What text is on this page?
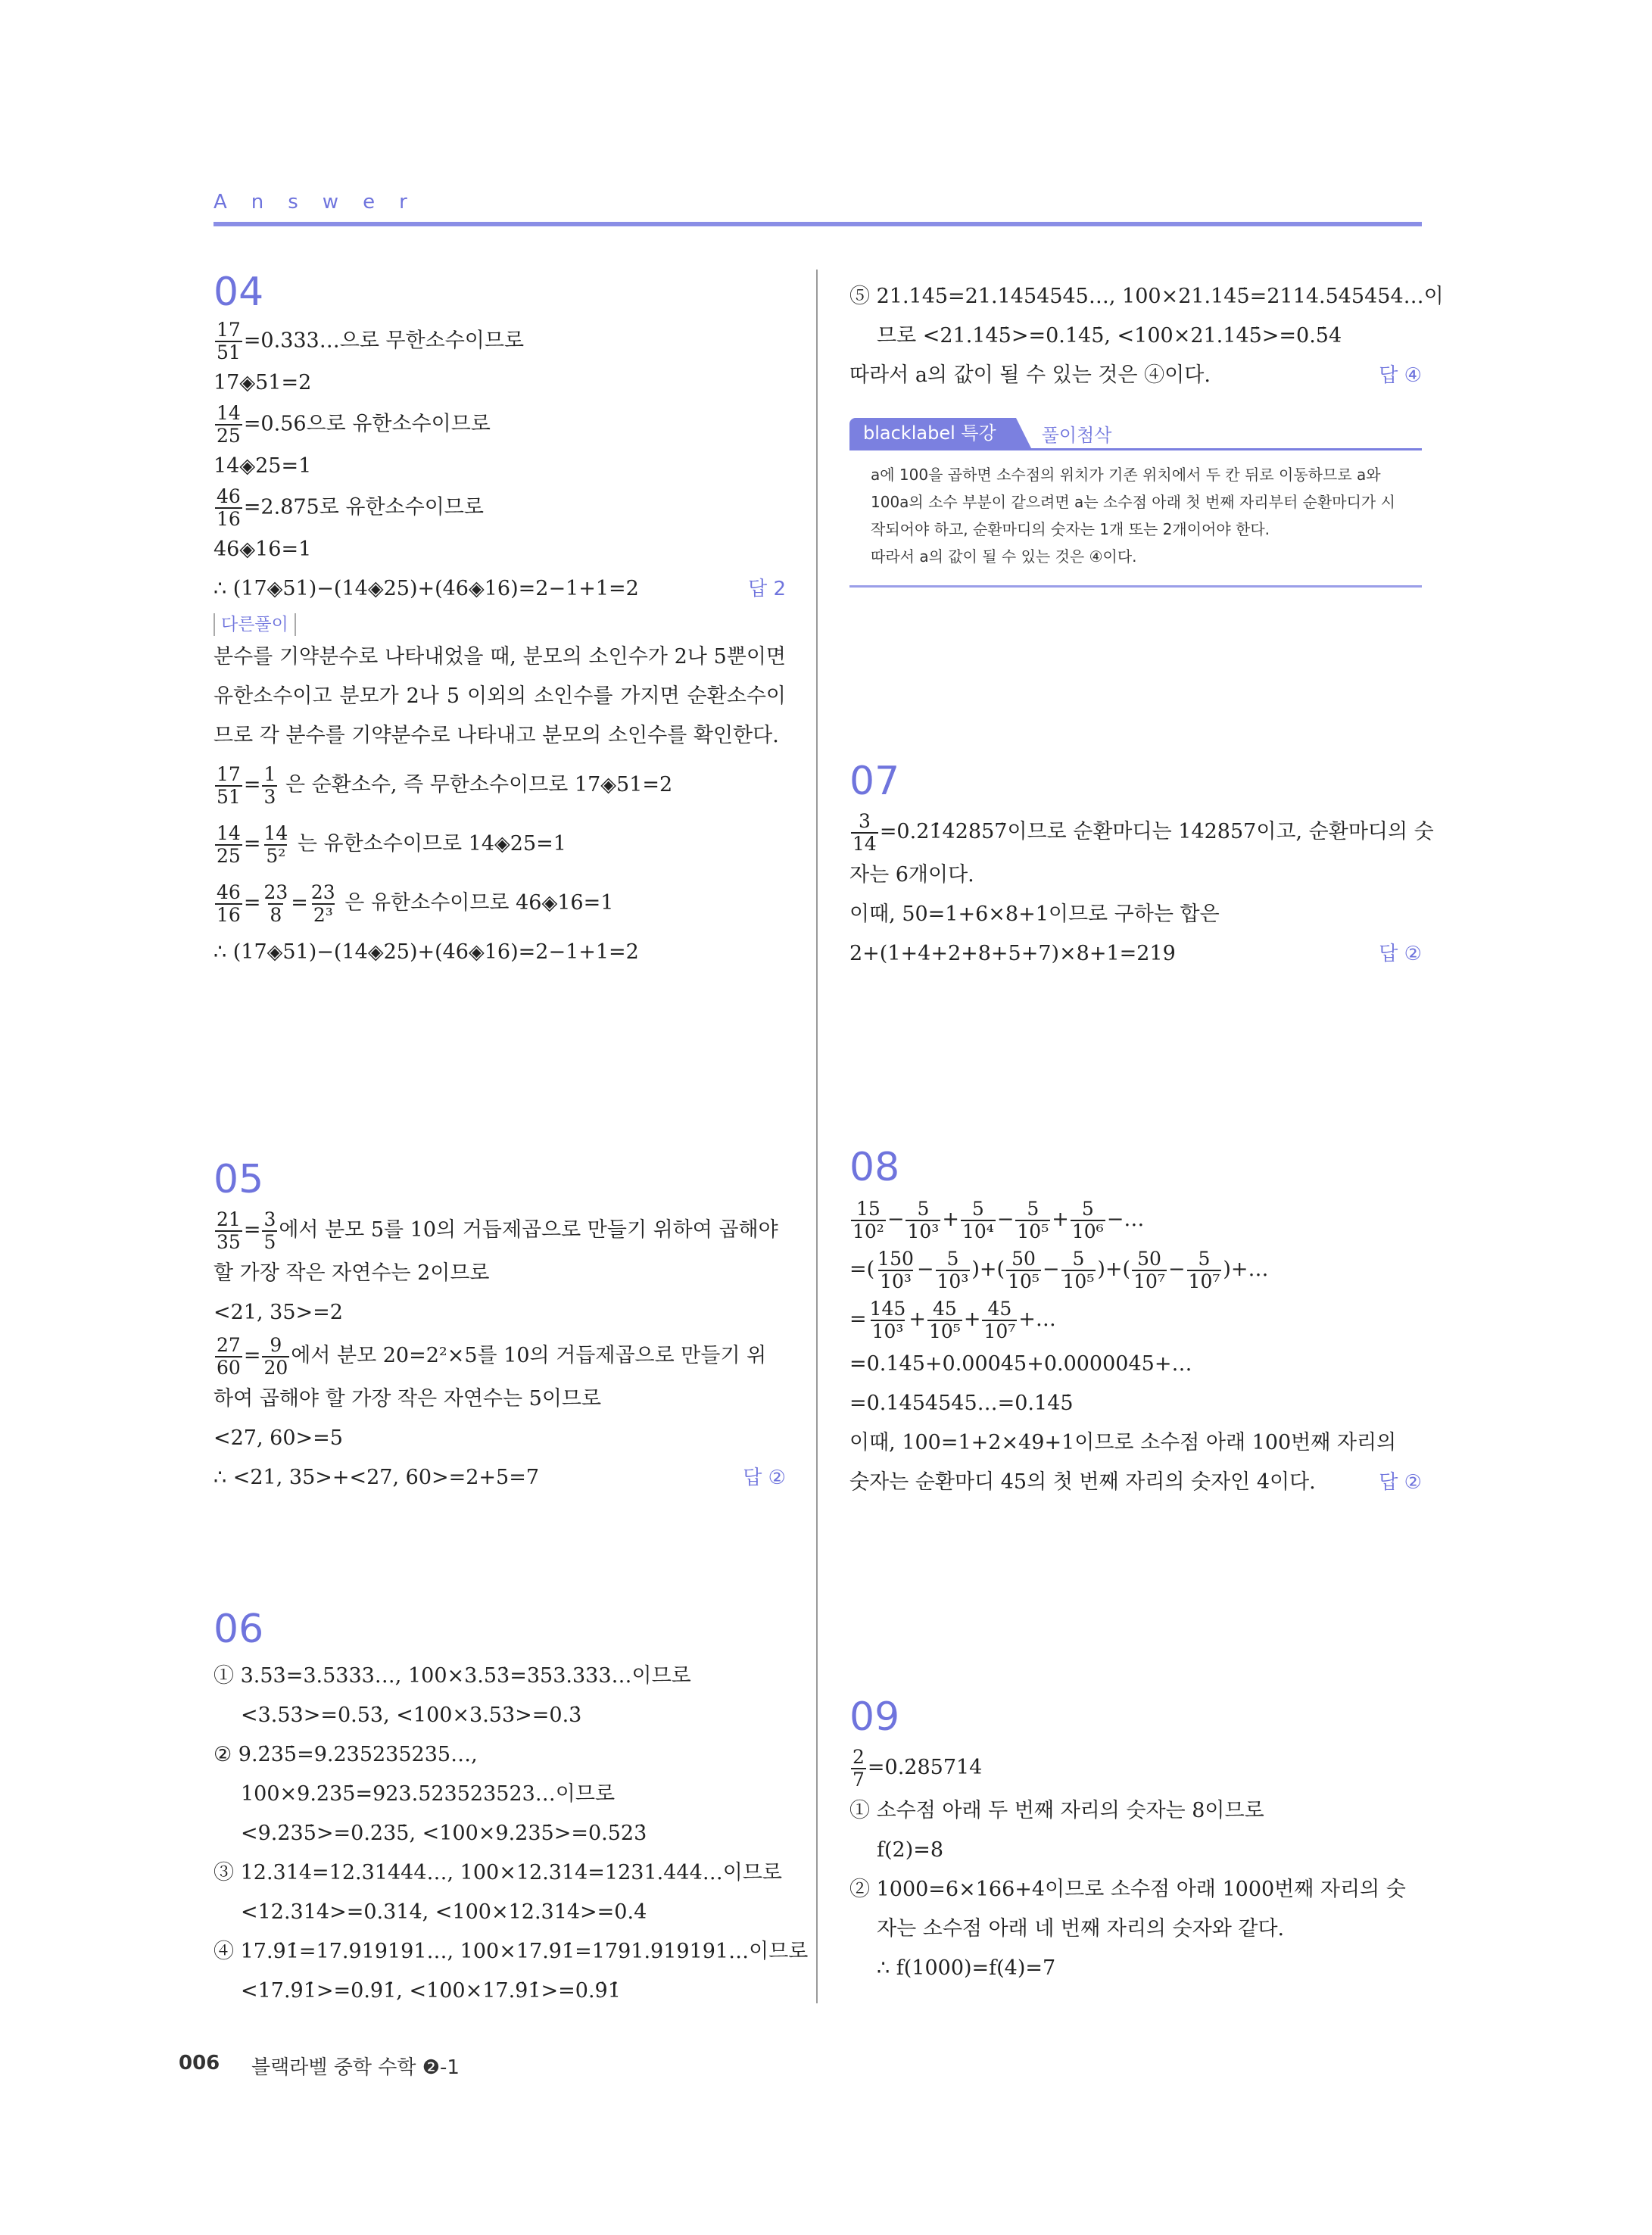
Answer
04
$\frac{17}{51}$ =0.333…으로 무한소수이므로
17◈51=2
$\frac{14}{25} =0.56$으로 유한소수이므로
14◈25=1
$\frac{46}{16} =2.875$로 유한소수이므로
46◈16=1
∴ (17◈51)−(14◈25)+(46◈16)=2−1+1=2	답 2
다른풀이
분수를 기약분수로 나타내었을 때, 분모의 소인수가 2나 5뿐이면 유한소수이고 분모가 2나 5 이외의 소인수를 가지면 순환소수이므로 각 분수를 기약분수로 나타내고 분모의 소인수를 확인한다.
$\frac{17}{51} = \frac{1}{3}$ 은 순환소수, 즉 무한소수이므로 17◈51=2
$\frac{14}{25} = \frac{14}{\text{5²}}$ 는 유한소수이므로 14◈25=1
$\frac{46}{16} = \frac{23}{8} = \frac{23}{\text{2³}}$ 은 유한소수이므로 46◈16=1
∴ (17◈51)−(14◈25)+(46◈16)=2−1+1=2
05
$\frac{21}{35} = \frac{3}{5}$ 에서 분모 5를 10의 거듭제곱으로 만들기 위하여 곱해야
할 가장 작은 자연수는 2이므로
<21, 35>=2
$\frac{27}{60} = \frac{9}{20}$ 에서 분모 20=2²×5를 10의 거듭제곱으로 만들기 위
하여 곱해야 할 가장 작은 자연수는 5이므로
<27, 60>=5
∴ <21, 35>+<27, 60>=2+5=7	답 ②
06
① 3.53̇=3.5333…, 100×3.53̇=353.333…이므로
<3.53̇>=0.53̇, <100×3.53̇>=0.3̇
② 9.2̇35̇=9.235235235…,
100×9.2̇35̇=923.523523523…이므로
<9.2̇35̇>=0.2̇35̇, <100×9.2̇35̇>=0.5̇23̇
③ 12.314̇=12.31444…, 100×12.314̇=1231.444…이므로
<12.314̇>=0.314̇, <100×12.314̇>=0.4̇
④ 17.9̇1̇=17.919191…, 100×17.9̇1̇=1791.919191…이므로
<17.9̇1̇>=0.9̇1̇, <100×17.9̇1̇>=0.9̇1̇
⑤ 21.14̇5̇=21.1454545…, 100×21.14̇5̇=2114.545454…이
므로 <21.14̇5̇>=0.14̇5̇, <100×21.14̇5̇>=0.5̇4̇
따라서 a의 값이 될 수 있는 것은 ④이다.	답 ④
blacklabel 특강	풀이첨삭
a에 100을 곱하면 소수점의 위치가 기존 위치에서 두 칸 뒤로 이동하므로 a와 100a의 소수 부분이 같으려면 a는 소수점 아래 첫 번째 자리부터 순환마디가 시작되어야 하고, 순환마디의 숫자는 1개 또는 2개이어야 한다.
따라서 a의 값이 될 수 있는 것은 ④이다.
07
$\frac{3}{14}$ =0.21̇42857̇이므로 순환마디는 142857이고, 순환마디의 숫
자는 6개이다.
이때, 50=1+6×8+1이므로 구하는 합은
2+(1+4+2+8+5+7)×8+1=219	답 ②
08
$\frac{15}{\text{10²}} - \frac{5}{\text{10³}} + \frac{5}{\text{10⁴}} - \frac{5}{\text{10⁵}} + \frac{5}{\text{10⁶}}$ −…
=( $\frac{150}{\text{10³}} - \frac{5}{\text{10³}}$ )+( $\frac{50}{\text{10⁵}} - \frac{5}{\text{10⁵}}$ )+( $\frac{50}{\text{10⁷}} - \frac{5}{\text{10⁷}}$ )+…
= $\frac{145}{\text{10³}} + \frac{45}{\text{10⁵}} + \frac{45}{\text{10⁷}}$ +…
=0.145+0.00045+0.0000045+…
=0.1454545…=0.14̇5̇
이때, 100=1+2×49+1이므로 소수점 아래 100번째 자리의
숫자는 순환마디 45의 첫 번째 자리의 숫자인 4이다.	답 ②
09
$\frac{2}{7}$ =0.2̇85714̇
① 소수점 아래 두 번째 자리의 숫자는 8이므로
f(2)=8
② 1000=6×166+4이므로 소수점 아래 1000번째 자리의 숫
자는 소수점 아래 네 번째 자리의 숫자와 같다.
∴ f(1000)=f(4)=7
006 블랙라벨 중학 수학 ❷-1
